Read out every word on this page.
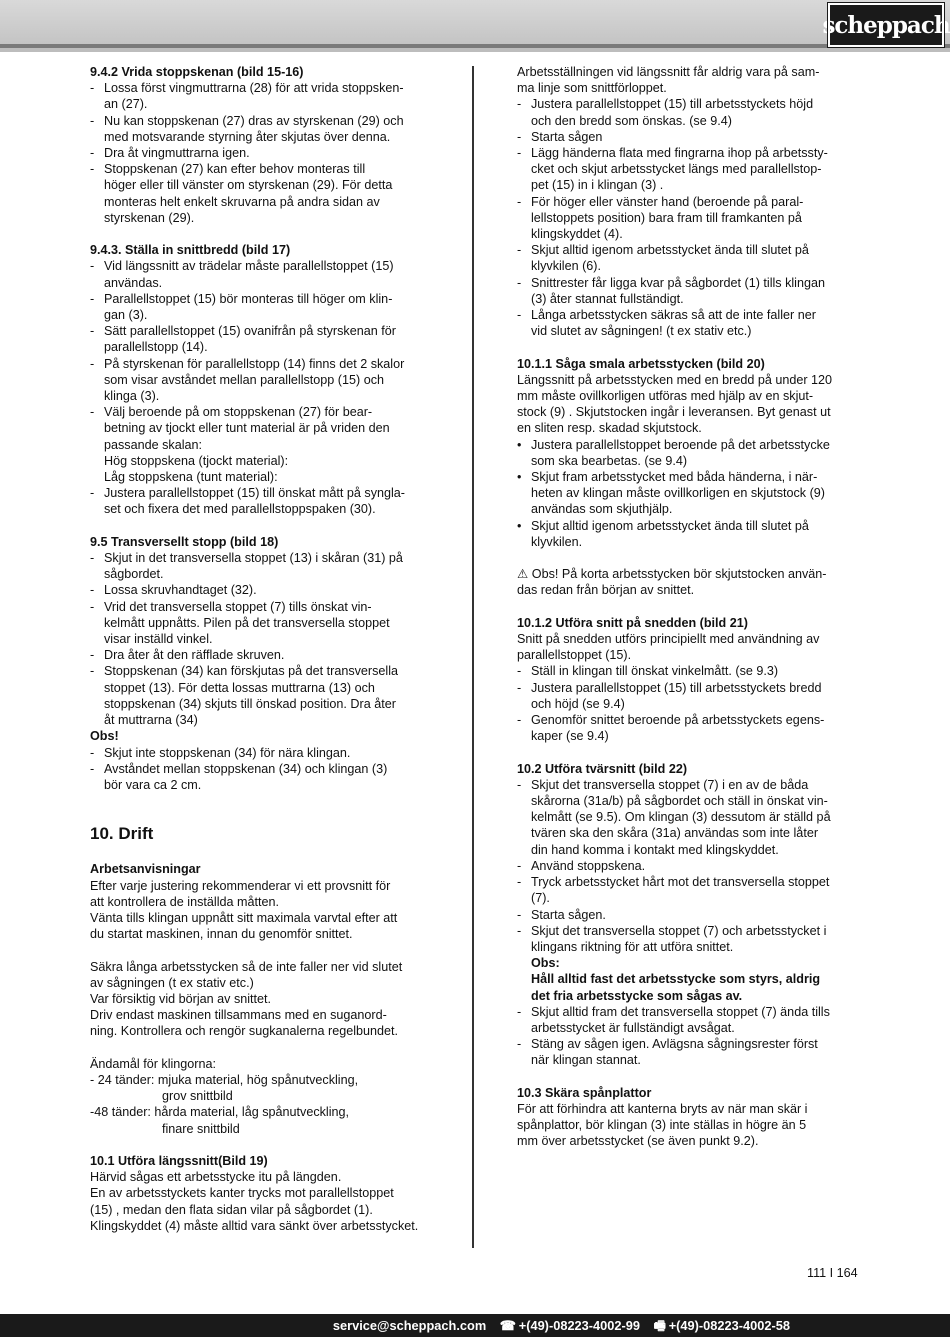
scheppach

9.4.2 Vrida stoppskenan (bild 15-16)

- Lossa först vingmuttrarna (28) för att vrida stoppsken-

an (27).

- Nu kan stoppskenan (27) dras av styrskenan (29) och

med motsvarande styrning åter skjutas över denna.

- Dra åt vingmuttrarna igen.

- Stoppskenan (27) kan efter behov monteras till

höger eller till vänster om styrskenan (29). För detta

monteras helt enkelt skruvarna på andra sidan av

styrskenan (29).

9.4.3. Ställa in snittbredd (bild 17)

- Vid längssnitt av trädelar måste parallellstoppet (15)

användas.

- Parallellstoppet (15) bör monteras till höger om klin-

gan (3).

- Sätt parallellstoppet (15) ovanifrån på styrskenan för

parallellstopp (14).

- På styrskenan för parallellstopp (14) finns det 2 skalor

som visar avståndet mellan parallellstopp (15) och

klinga (3).

- Välj beroende på om stoppskenan (27) för bear-

betning av tjockt eller tunt material är på vriden den

passande skalan:

Hög stoppskena (tjockt material):

Låg stoppskena (tunt material):

- Justera parallellstoppet (15) till önskat mått på syngla-

set och fixera det med parallellstoppspaken (30).

9.5 Transversellt stopp (bild 18)

- Skjut in det transversella stoppet (13) i skåran (31) på

sågbordet.

- Lossa skruvhandtaget (32).

- Vrid det transversella stoppet (7) tills önskat vin-

kelmått uppnåtts. Pilen på det transversella stoppet

visar inställd vinkel.

- Dra åter åt den räfflade skruven.

- Stoppskenan (34) kan förskjutas på det transversella

stoppet (13). För detta lossas muttrarna (13) och

stoppskenan (34) skjuts till önskad position. Dra åter

åt muttrarna (34)

Obs!

- Skjut inte stoppskenan (34) för nära klingan.

- Avståndet mellan stoppskenan (34) och klingan (3)

bör vara ca 2 cm.

10. Drift

Arbetsanvisningar

Efter varje justering rekommenderar vi ett provsnitt för

att kontrollera de inställda måtten.

Vänta tills klingan uppnått sitt maximala varvtal efter att

du startat maskinen, innan du genomför snittet.

Säkra långa arbetsstycken så de inte faller ner vid slutet

av sågningen (t ex stativ etc.)

Var försiktig vid början av snittet.

Driv endast maskinen tillsammans med en suganord-

ning. Kontrollera och rengör sugkanalerna regelbundet.

Ändamål för klingorna:

- 24 tänder: mjuka material, hög spånutveckling,

grov snittbild

-48 tänder: hårda material, låg spånutveckling,

finare snittbild

10.1 Utföra längssnitt(Bild 19)

Härvid sågas ett arbetsstycke itu på längden.

En av arbetsstyckets kanter trycks mot parallellstoppet

(15) , medan den flata sidan vilar på sågbordet (1).

Klingskyddet (4) måste alltid vara sänkt över arbetsstycket.

Arbetsställningen vid längssnitt får aldrig vara på sam-

ma linje som snittförloppet.

- Justera parallellstoppet (15) till arbetsstyckets höjd

och den bredd som önskas. (se 9.4)

- Starta sågen

- Lägg händerna flata med fingrarna ihop på arbetssty-

cket och skjut arbetsstycket längs med parallellstop-

pet (15) in i klingan (3) .

- För höger eller vänster hand (beroende på paral-

lellstoppets position) bara fram till framkanten på

klingskyddet (4).

- Skjut alltid igenom arbetsstycket ända till slutet på

klyvkilen (6).

- Snittrester får ligga kvar på sågbordet (1) tills klingan

(3) åter stannat fullständigt.

- Långa arbetsstycken säkras så att de inte faller ner

vid slutet av sågningen! (t ex stativ etc.)

10.1.1 Såga smala arbetsstycken (bild 20)

Längssnitt på arbetsstycken med en bredd på under 120

mm måste ovillkorligen utföras med hjälp av en skjut-

stock (9) . Skjutstocken ingår i leveransen. Byt genast ut

en sliten resp. skadad skjutstock.

• Justera parallellstoppet beroende på det arbetsstycke

som ska bearbetas. (se 9.4)

• Skjut fram arbetsstycket med båda händerna, i när-

heten av klingan måste ovillkorligen en skjutstock (9)

användas som skjuthjälp.

• Skjut alltid igenom arbetsstycket ända till slutet på

klyvkilen.

⚠ Obs! På korta arbetsstycken bör skjutstocken använ-

das redan från början av snittet.

10.1.2 Utföra snitt på snedden (bild 21)

Snitt på snedden utförs principiellt med användning av

parallellstoppet (15).

- Ställ in klingan till önskat vinkelmått. (se 9.3)

- Justera parallellstoppet (15) till arbetsstyckets bredd

och höjd (se 9.4)

- Genomför snittet beroende på arbetsstyckets egens-

kaper (se 9.4)

10.2 Utföra tvärsnitt (bild 22)

- Skjut det transversella stoppet (7) i en av de båda

skårorna (31a/b) på sågbordet och ställ in önskat vin-

kelmått (se 9.5). Om klingan (3) dessutom är ställd på

tvären ska den skåra (31a) användas som inte låter

din hand komma i kontakt med klingskyddet.

- Använd stoppskena.

- Tryck arbetsstycket hårt mot det transversella stoppet

(7).

- Starta sågen.

- Skjut det transversella stoppet (7) och arbetsstycket i

klingans riktning för att utföra snittet.

Obs:

Håll alltid fast det arbetsstycke som styrs, aldrig

det fria arbetsstycke som sågas av.

- Skjut alltid fram det transversella stoppet (7) ända tills

arbetsstycket är fullständigt avsågat.

- Stäng av sågen igen. Avlägsna sågningsrester först

när klingan stannat.

10.3 Skära spånplattor

För att förhindra att kanterna bryts av när man skär i

spånplattor, bör klingan (3) inte ställas in högre än 5

mm över arbetsstycket (se även punkt 9.2).

111 I 164
service@scheppach.com ☎ +(49)-08223-4002-99 🖷 +(49)-08223-4002-58
